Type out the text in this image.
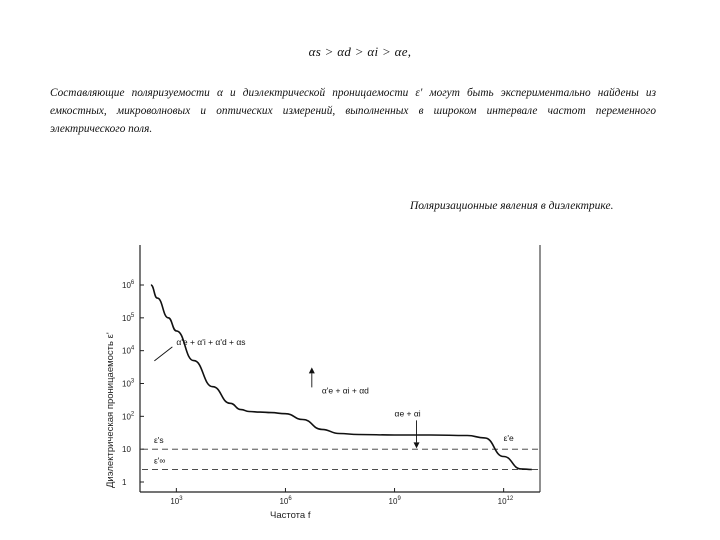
αs > αd > αi > αe,
Составляющие поляризуемости α и диэлектрической проницаемости ε' могут быть экспериментально найдены из емкостных, микроволновых и оптических измерений, выполненных в широком интервале частот переменного электрического поля.
Поляризационные явления в диэлектрике.
ε's
ε'∞
1
10
$10^2$
$10^3$
$10^4$
$10^5$
$10^6$
$10^3$	$10^6$	$10^9$	$10^{12}$
Частота f
Диэлектрическая проницаемость ε'	α'e + α'i + α'd + αs
α'e + αi + αd
αe + αi
ε'e
